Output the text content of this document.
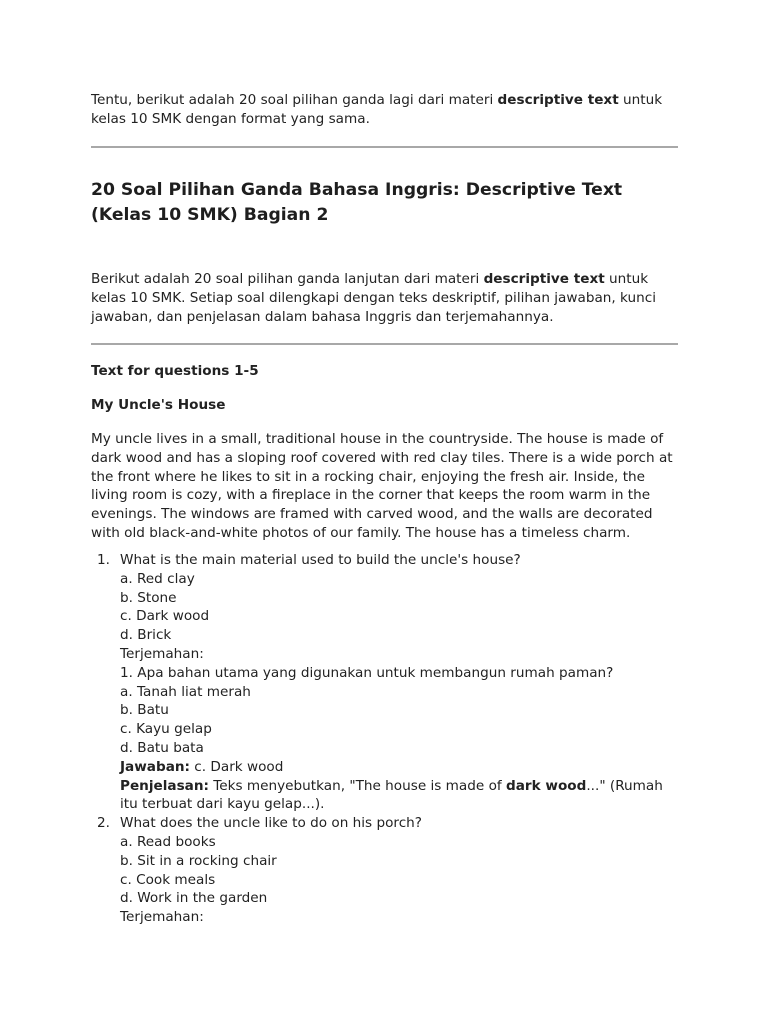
Tentu, berikut adalah 20 soal pilihan ganda lagi dari materi descriptive text untuk kelas 10 SMK dengan format yang sama.

20 Soal Pilihan Ganda Bahasa Inggris: Descriptive Text (Kelas 10 SMK) Bagian 2

Berikut adalah 20 soal pilihan ganda lanjutan dari materi descriptive text untuk kelas 10 SMK. Setiap soal dilengkapi dengan teks deskriptif, pilihan jawaban, kunci jawaban, dan penjelasan dalam bahasa Inggris dan terjemahannya.

Text for questions 1-5

My Uncle's House

My uncle lives in a small, traditional house in the countryside. The house is made of dark wood and has a sloping roof covered with red clay tiles. There is a wide porch at the front where he likes to sit in a rocking chair, enjoying the fresh air. Inside, the living room is cozy, with a fireplace in the corner that keeps the room warm in the evenings. The windows are framed with carved wood, and the walls are decorated with old black-and-white photos of our family. The house has a timeless charm.

1. What is the main material used to build the uncle's house?
a. Red clay
b. Stone
c. Dark wood
d. Brick
Terjemahan:
1. Apa bahan utama yang digunakan untuk membangun rumah paman?
a. Tanah liat merah
b. Batu
c. Kayu gelap
d. Batu bata
Jawaban: c. Dark wood
Penjelasan: Teks menyebutkan, "The house is made of dark wood..." (Rumah itu terbuat dari kayu gelap...).
2. What does the uncle like to do on his porch?
a. Read books
b. Sit in a rocking chair
c. Cook meals
d. Work in the garden
Terjemahan:
